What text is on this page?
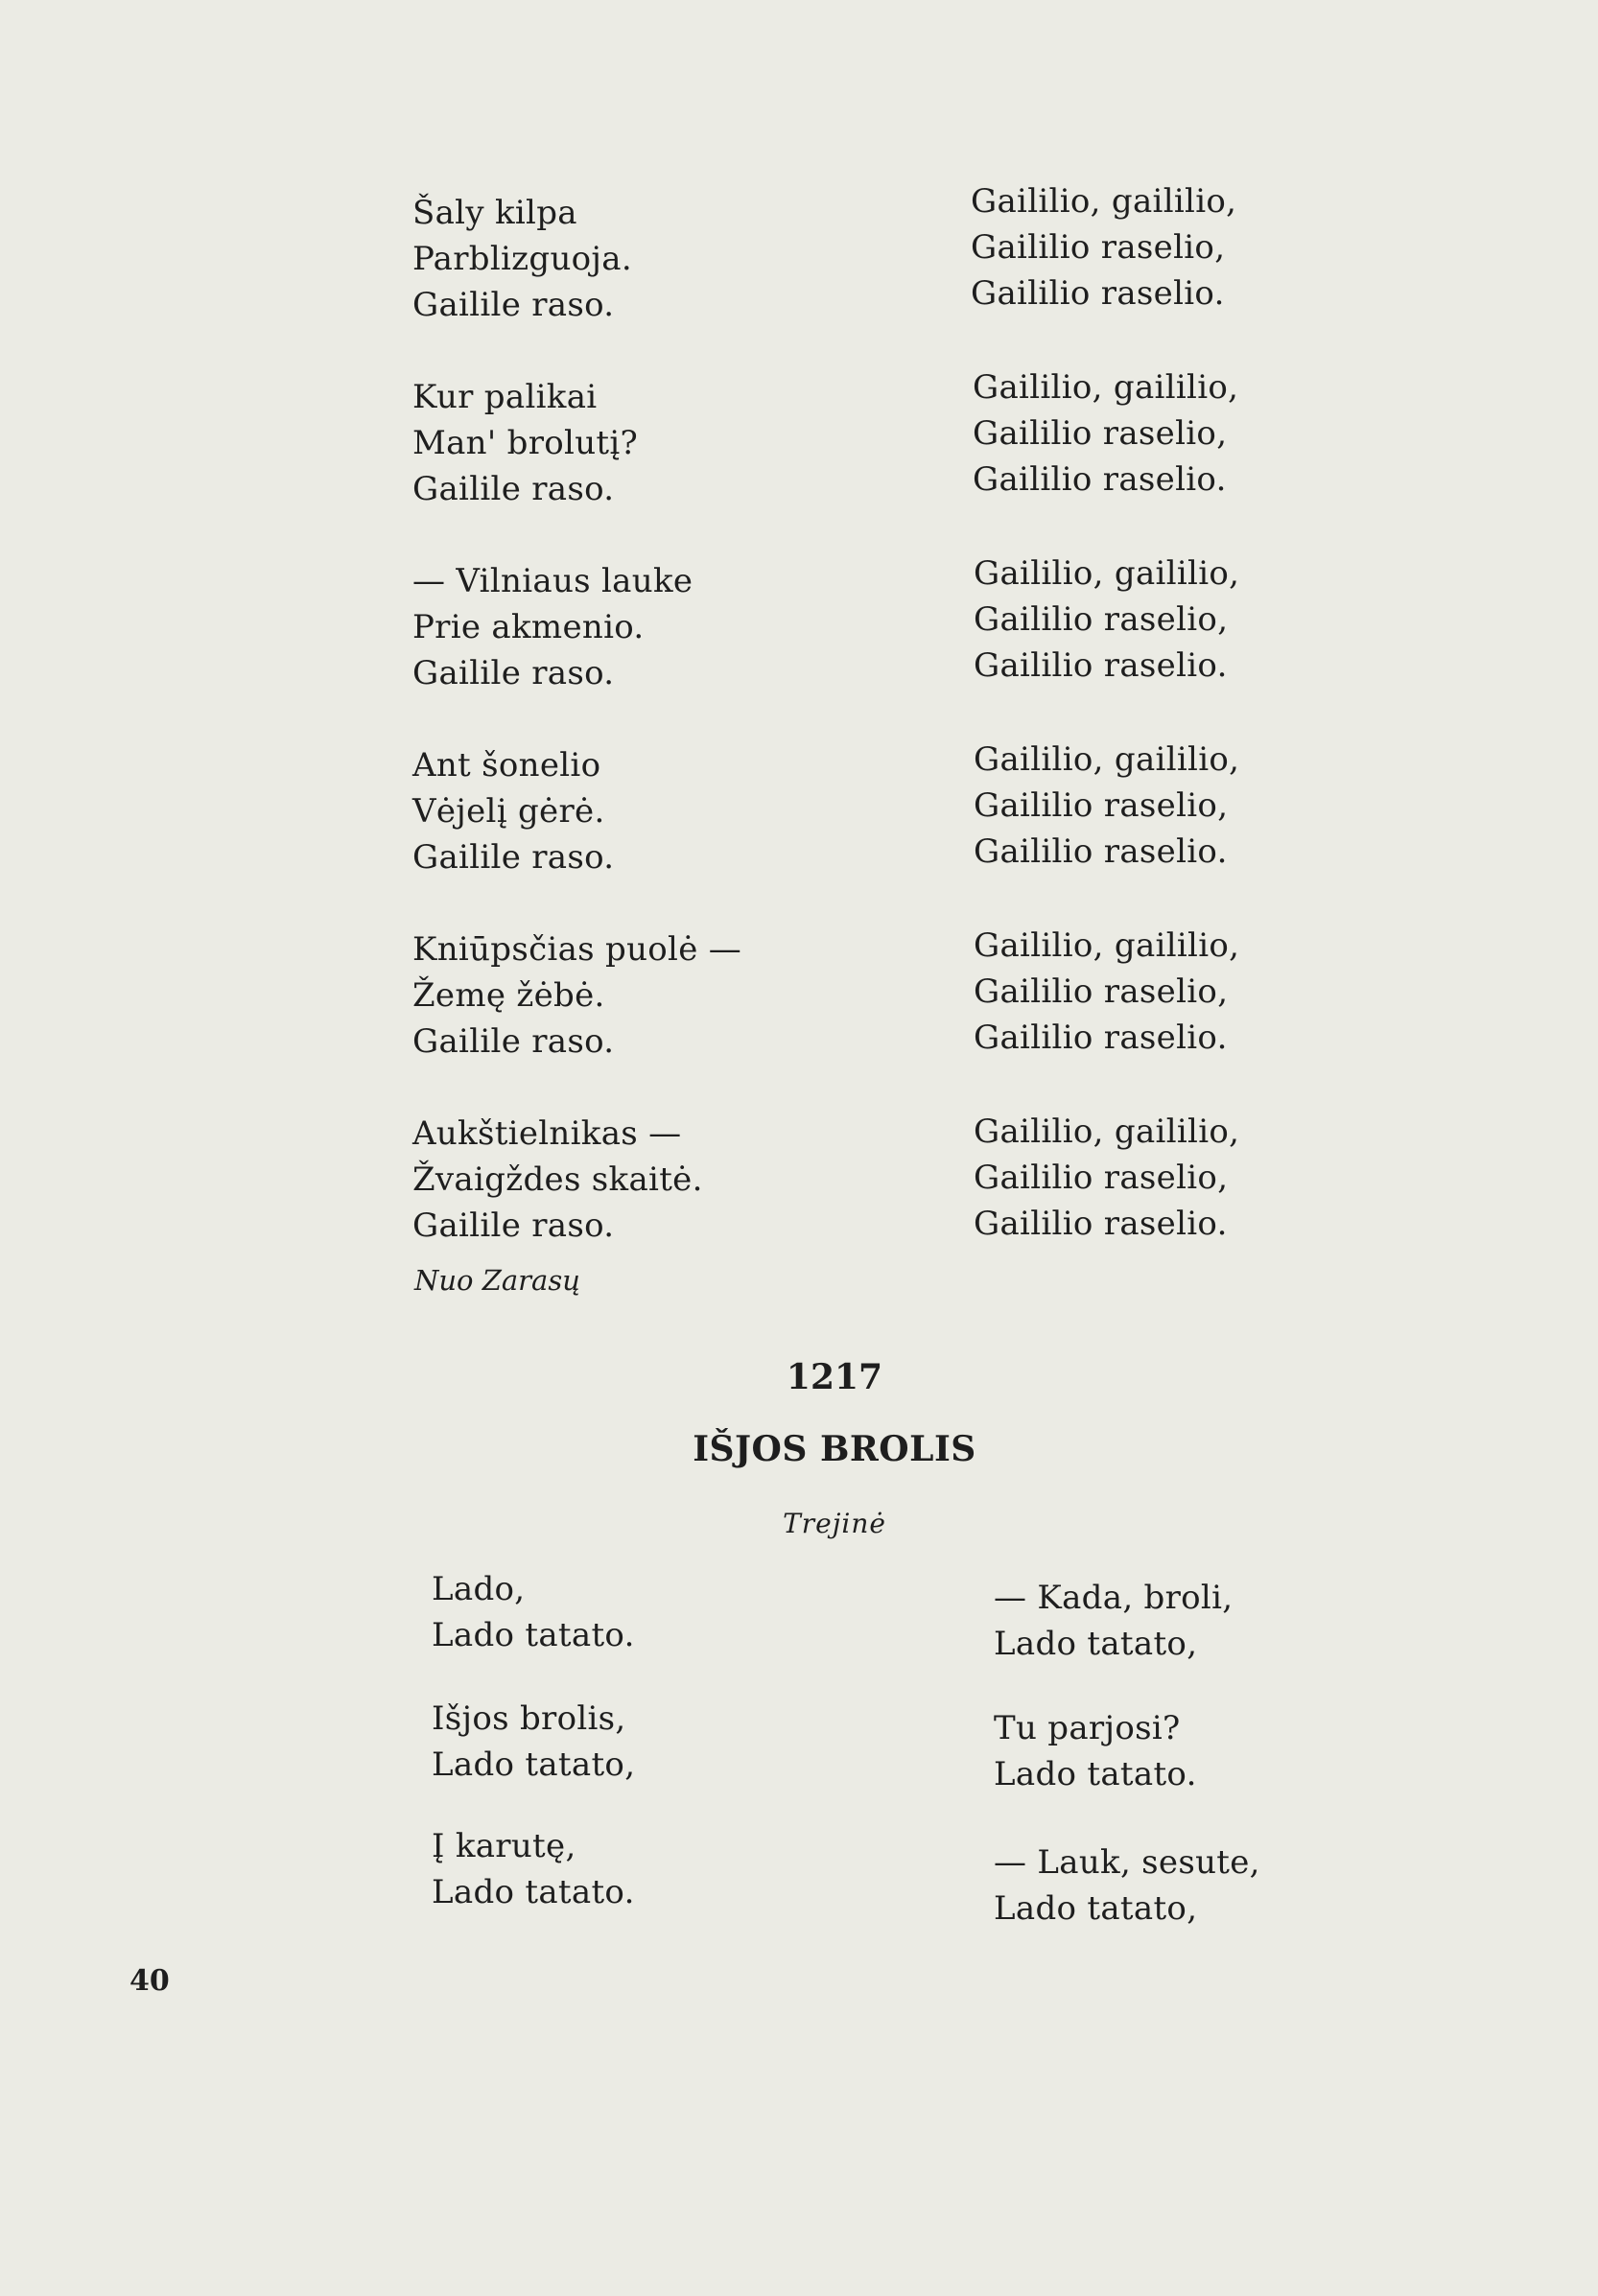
Šaly kilpa
Parblizguoja.
Gailile raso.
Kur palikai
Man' brolutį?
Gailile raso.
— Vilniaus lauke
Prie akmenio.
Gailile raso.
Ant šonelio
Vėjelį gėrė.
Gailile raso.
Kniūpsčias puolė —
Žemę žėbė.
Gailile raso.
Aukštielnikas —
Žvaigždes skaitė.
Gailile raso.
Gaililio, gaililio,
Gaililio raselio,
Gaililio raselio.
Gaililio, gaililio,
Gaililio raselio,
Gaililio raselio.
Gaililio, gaililio,
Gaililio raselio,
Gaililio raselio.
Gaililio, gaililio,
Gaililio raselio,
Gaililio raselio.
Gaililio, gaililio,
Gaililio raselio,
Gaililio raselio.
Gaililio, gaililio,
Gaililio raselio,
Gaililio raselio.
Nuo Zarasų
1217
IŠJOS BROLIS
Trejinė
Lado,
Lado tatato.
Išjos brolis,
Lado tatato,
Į karutę,
Lado tatato.
— Kada, broli,
Lado tatato,
Tu parjosi?
Lado tatato.
— Lauk, sesute,
Lado tatato,
40
